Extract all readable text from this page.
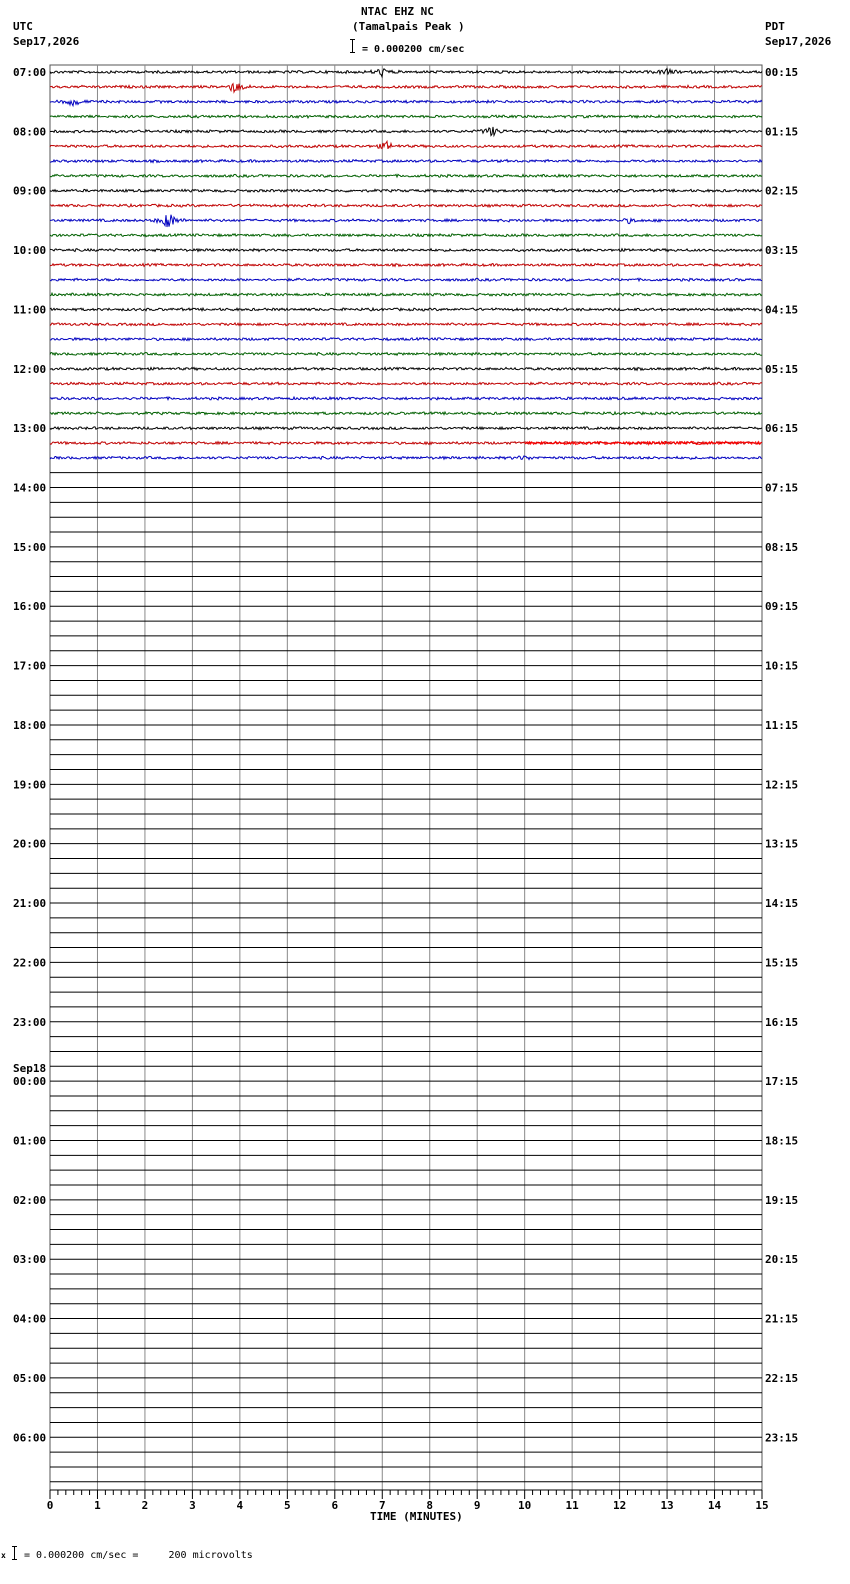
0	1	2	3	4	5	6	7	8	9	10	11	12	13	14	15
07:00
08:00
09:00
10:00
11:00
12:00
13:00
14:00
15:00
16:00
17:00
18:00
19:00
20:00
21:00
22:00
23:00
00:00
01:00
02:00
03:00
04:00
05:00
06:00
00:15
01:15
02:15
03:15
04:15
05:15
06:15
07:15
08:15
09:15
10:15
11:15
12:15
13:15
14:15
15:15
16:15
17:15
18:15
19:15
20:15
21:15
22:15
23:15
NTAC EHZ NC
(Tamalpais Peak )
= 0.000200 cm/sec
UTC
Sep17,2026
PDT
Sep17,2026
TIME (MINUTES)
Sep18
x = 0.000200 cm/sec =     200 microvolts
